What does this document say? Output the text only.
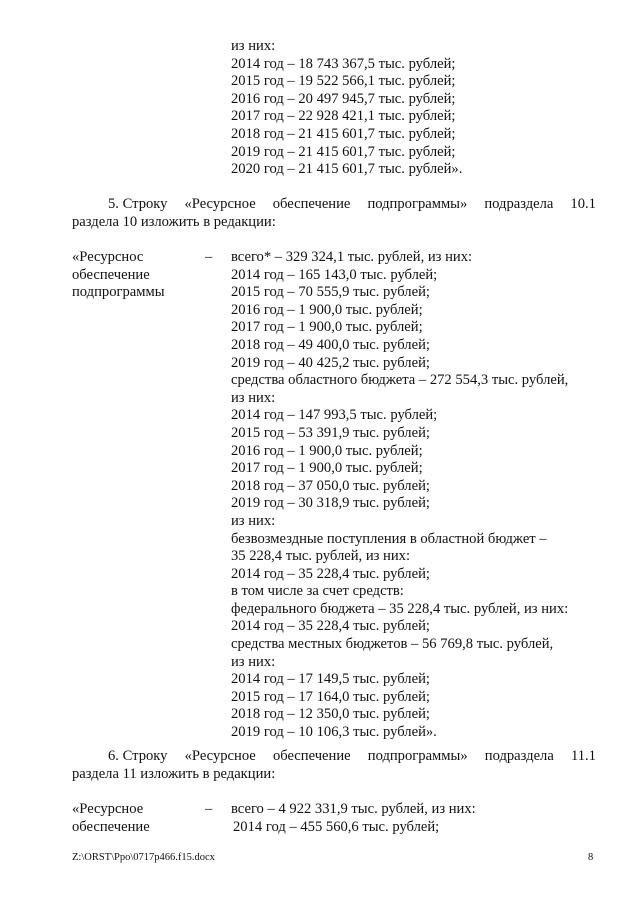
из них:
2014 год – 18 743 367,5 тыс. рублей;
2015 год – 19 522 566,1 тыс. рублей;
2016 год – 20 497 945,7 тыс. рублей;
2017 год – 22 928 421,1 тыс. рублей;
2018 год – 21 415 601,7 тыс. рублей;
2019 год – 21 415 601,7 тыс. рублей;
2020 год – 21 415 601,7 тыс. рублей».
5. Строку «Ресурсное обеспечение подпрограммы» подраздела 10.1
раздела 10 изложить в редакции:
«Ресурснос
обеспечение
подпрограммы
– всего* – 329 324,1 тыс. рублей, из них:
2014 год – 165 143,0 тыс. рублей;
2015 год – 70 555,9 тыс. рублей;
2016 год – 1 900,0 тыс. рублей;
2017 год – 1 900,0 тыс. рублей;
2018 год – 49 400,0 тыс. рублей;
2019 год – 40 425,2 тыс. рублей;
средства областного бюджета – 272 554,3 тыс. рублей,
из них:
2014 год – 147 993,5 тыс. рублей;
2015 год – 53 391,9 тыс. рублей;
2016 год – 1 900,0 тыс. рублей;
2017 год – 1 900,0 тыс. рублей;
2018 год – 37 050,0 тыс. рублей;
2019 год – 30 318,9 тыс. рублей;
из них:
безвозмездные поступления в областной бюджет –
35 228,4 тыс. рублей, из них:
2014 год – 35 228,4 тыс. рублей;
в том числе за счет средств:
федерального бюджета – 35 228,4 тыс. рублей, из них:
2014 год – 35 228,4 тыс. рублей;
средства местных бюджетов – 56 769,8 тыс. рублей,
из них:
2014 год – 17 149,5 тыс. рублей;
2015 год – 17 164,0 тыс. рублей;
2018 год – 12 350,0 тыс. рублей;
2019 год – 10 106,3 тыс. рублей».
6. Строку «Ресурсное обеспечение подпрограммы» подраздела 11.1
раздела 11 изложить в редакции:
«Ресурсное
обеспечение
– всего – 4 922 331,9 тыс. рублей, из них:
2014 год – 455 560,6 тыс. рублей;
Z:\ORST\Ppo\0717p466.f15.docx	8
